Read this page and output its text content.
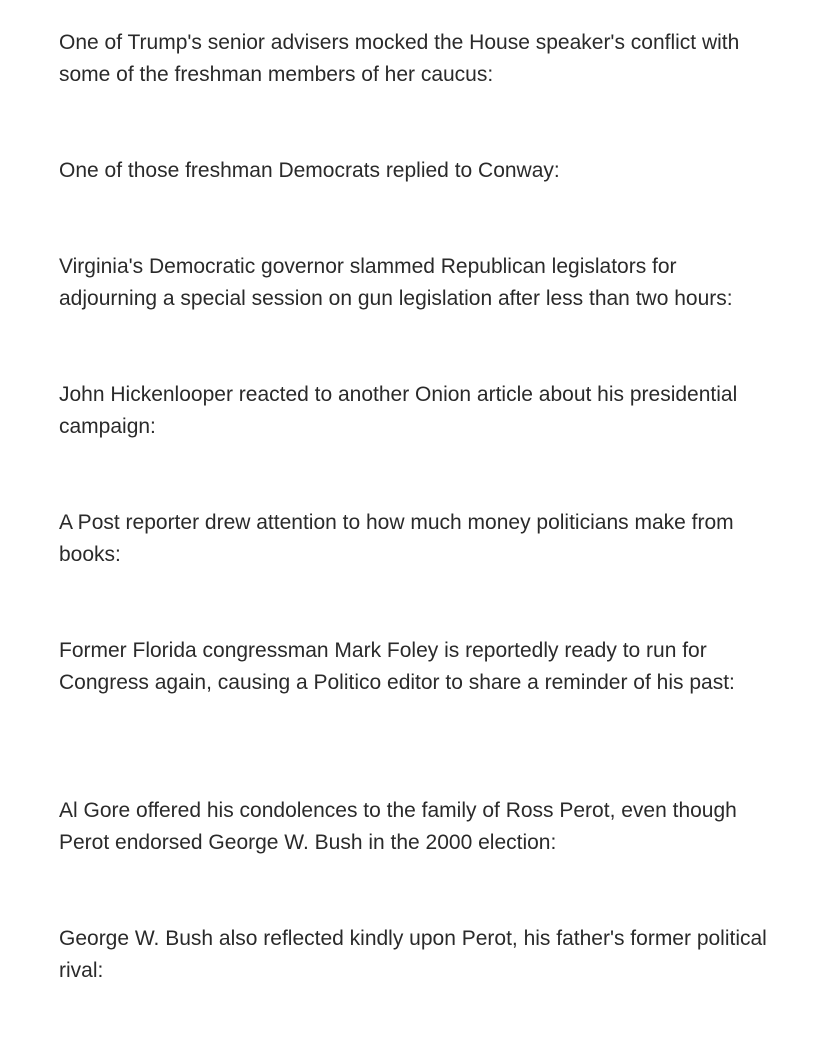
One of Trump's senior advisers mocked the House speaker's conflict with some of the freshman members of her caucus:

One of those freshman Democrats replied to Conway:

Virginia's Democratic governor slammed Republican legislators for adjourning a special session on gun legislation after less than two hours:

John Hickenlooper reacted to another Onion article about his presidential campaign:

A Post reporter drew attention to how much money politicians make from books:

Former Florida congressman Mark Foley is reportedly ready to run for Congress again, causing a Politico editor to share a reminder of his past:

Al Gore offered his condolences to the family of Ross Perot, even though Perot endorsed George W. Bush in the 2000 election:

George W. Bush also reflected kindly upon Perot, his father's former political rival:
